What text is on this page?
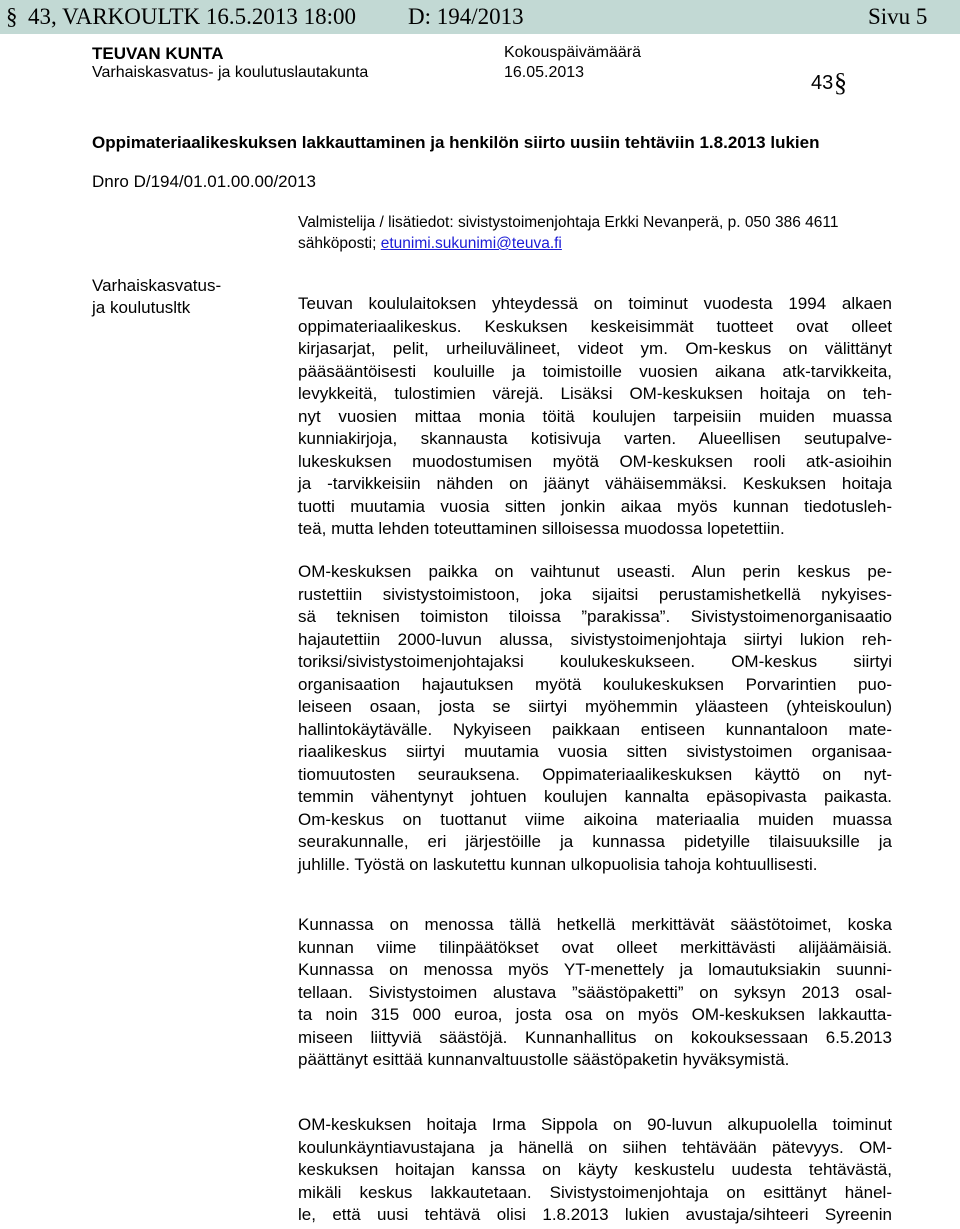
§ 43, VARKOULTK 16.5.2013 18:00 D: 194/2013	Sivu 5
TEUVAN KUNTA
Varhaiskasvatus- ja koulutuslautakunta
Kokouspäivämäärä
16.05.2013	43 §
Oppimateriaalikeskuksen lakkauttaminen ja henkilön siirto uusiin tehtäviin 1.8.2013 lukien
Dnro D/194/01.01.00.00/2013
Valmistelija / lisätiedot: sivistystoimenjohtaja Erkki Nevanperä, p. 050 386 4611
sähköposti; etunimi.sukunimi@teuva.fi
Varhaiskasvatus-
ja koulutusltk	Teuvan koululaitoksen yhteydessä on toiminut vuodesta 1994 alkaen
oppimateriaalikeskus. Keskuksen keskeisimmät tuotteet ovat olleet
kirjasarjat, pelit, urheiluvälineet, videot ym. Om-keskus on välittänyt
pääsääntöisesti kouluille ja toimistoille vuosien aikana atk-tarvikkeita,
levykkeitä, tulostimien värejä. Lisäksi OM-keskuksen hoitaja on teh-
nyt vuosien mittaa monia töitä koulujen tarpeisiin muiden muassa
kunniakirjoja, skannausta kotisivuja varten. Alueellisen seutupalve-
lukeskuksen muodostumisen myötä OM-keskuksen rooli atk-asioihin
ja -tarvikkeisiin nähden on jäänyt vähäisemmäksi. Keskuksen hoitaja
tuotti muutamia vuosia sitten jonkin aikaa myös kunnan tiedotusleh-
teä, mutta lehden toteuttaminen silloisessa muodossa lopetettiin.
OM-keskuksen paikka on vaihtunut useasti. Alun perin keskus pe-
rustettiin sivistystoimistoon, joka sijaitsi perustamishetkellä nykyises-
sä teknisen toimiston tiloissa ”parakissa”. Sivistystoimenorganisaatio
hajautettiin 2000-luvun alussa, sivistystoimenjohtaja siirtyi lukion reh-
toriksi/sivistystoimenjohtajaksi koulukeskukseen. OM-keskus siirtyi
organisaation hajautuksen myötä koulukeskuksen Porvarintien puo-
leiseen osaan, josta se siirtyi myöhemmin yläasteen (yhteiskoulun)
hallintokäytävälle. Nykyiseen paikkaan entiseen kunnantaloon mate-
riaalikeskus siirtyi muutamia vuosia sitten sivistystoimen organisaa-
tiomuutosten seurauksena. Oppimateriaalikeskuksen käyttö on nyt-
temmin vähentynyt johtuen koulujen kannalta epäsopivasta paikasta.
Om-keskus on tuottanut viime aikoina materiaalia muiden muassa
seurakunnalle, eri järjestöille ja kunnassa pidetyille tilaisuuksille ja
juhlille. Työstä on laskutettu kunnan ulkopuolisia tahoja kohtuullisesti.
Kunnassa on menossa tällä hetkellä merkittävät säästötoimet, koska
kunnan viime tilinpäätökset ovat olleet merkittävästi alijäämäisiä.
Kunnassa on menossa myös YT-menettely ja lomautuksiakin suunni-
tellaan. Sivistystoimen alustava ”säästöpaketti” on syksyn 2013 osal-
ta noin 315 000 euroa, josta osa on myös OM-keskuksen lakkautta-
miseen liittyviä säästöjä. Kunnanhallitus on kokouksessaan 6.5.2013
päättänyt esittää kunnanvaltuustolle säästöpaketin hyväksymistä.
OM-keskuksen hoitaja Irma Sippola on 90-luvun alkupuolella toiminut
koulunkäyntiavustajana ja hänellä on siihen tehtävään pätevyys. OM-
keskuksen hoitajan kanssa on käyty keskustelu uudesta tehtävästä,
mikäli keskus lakkautetaan. Sivistystoimenjohtaja on esittänyt hänel-
le, että uusi tehtävä olisi 1.8.2013 lukien avustaja/sihteeri Syreenin
